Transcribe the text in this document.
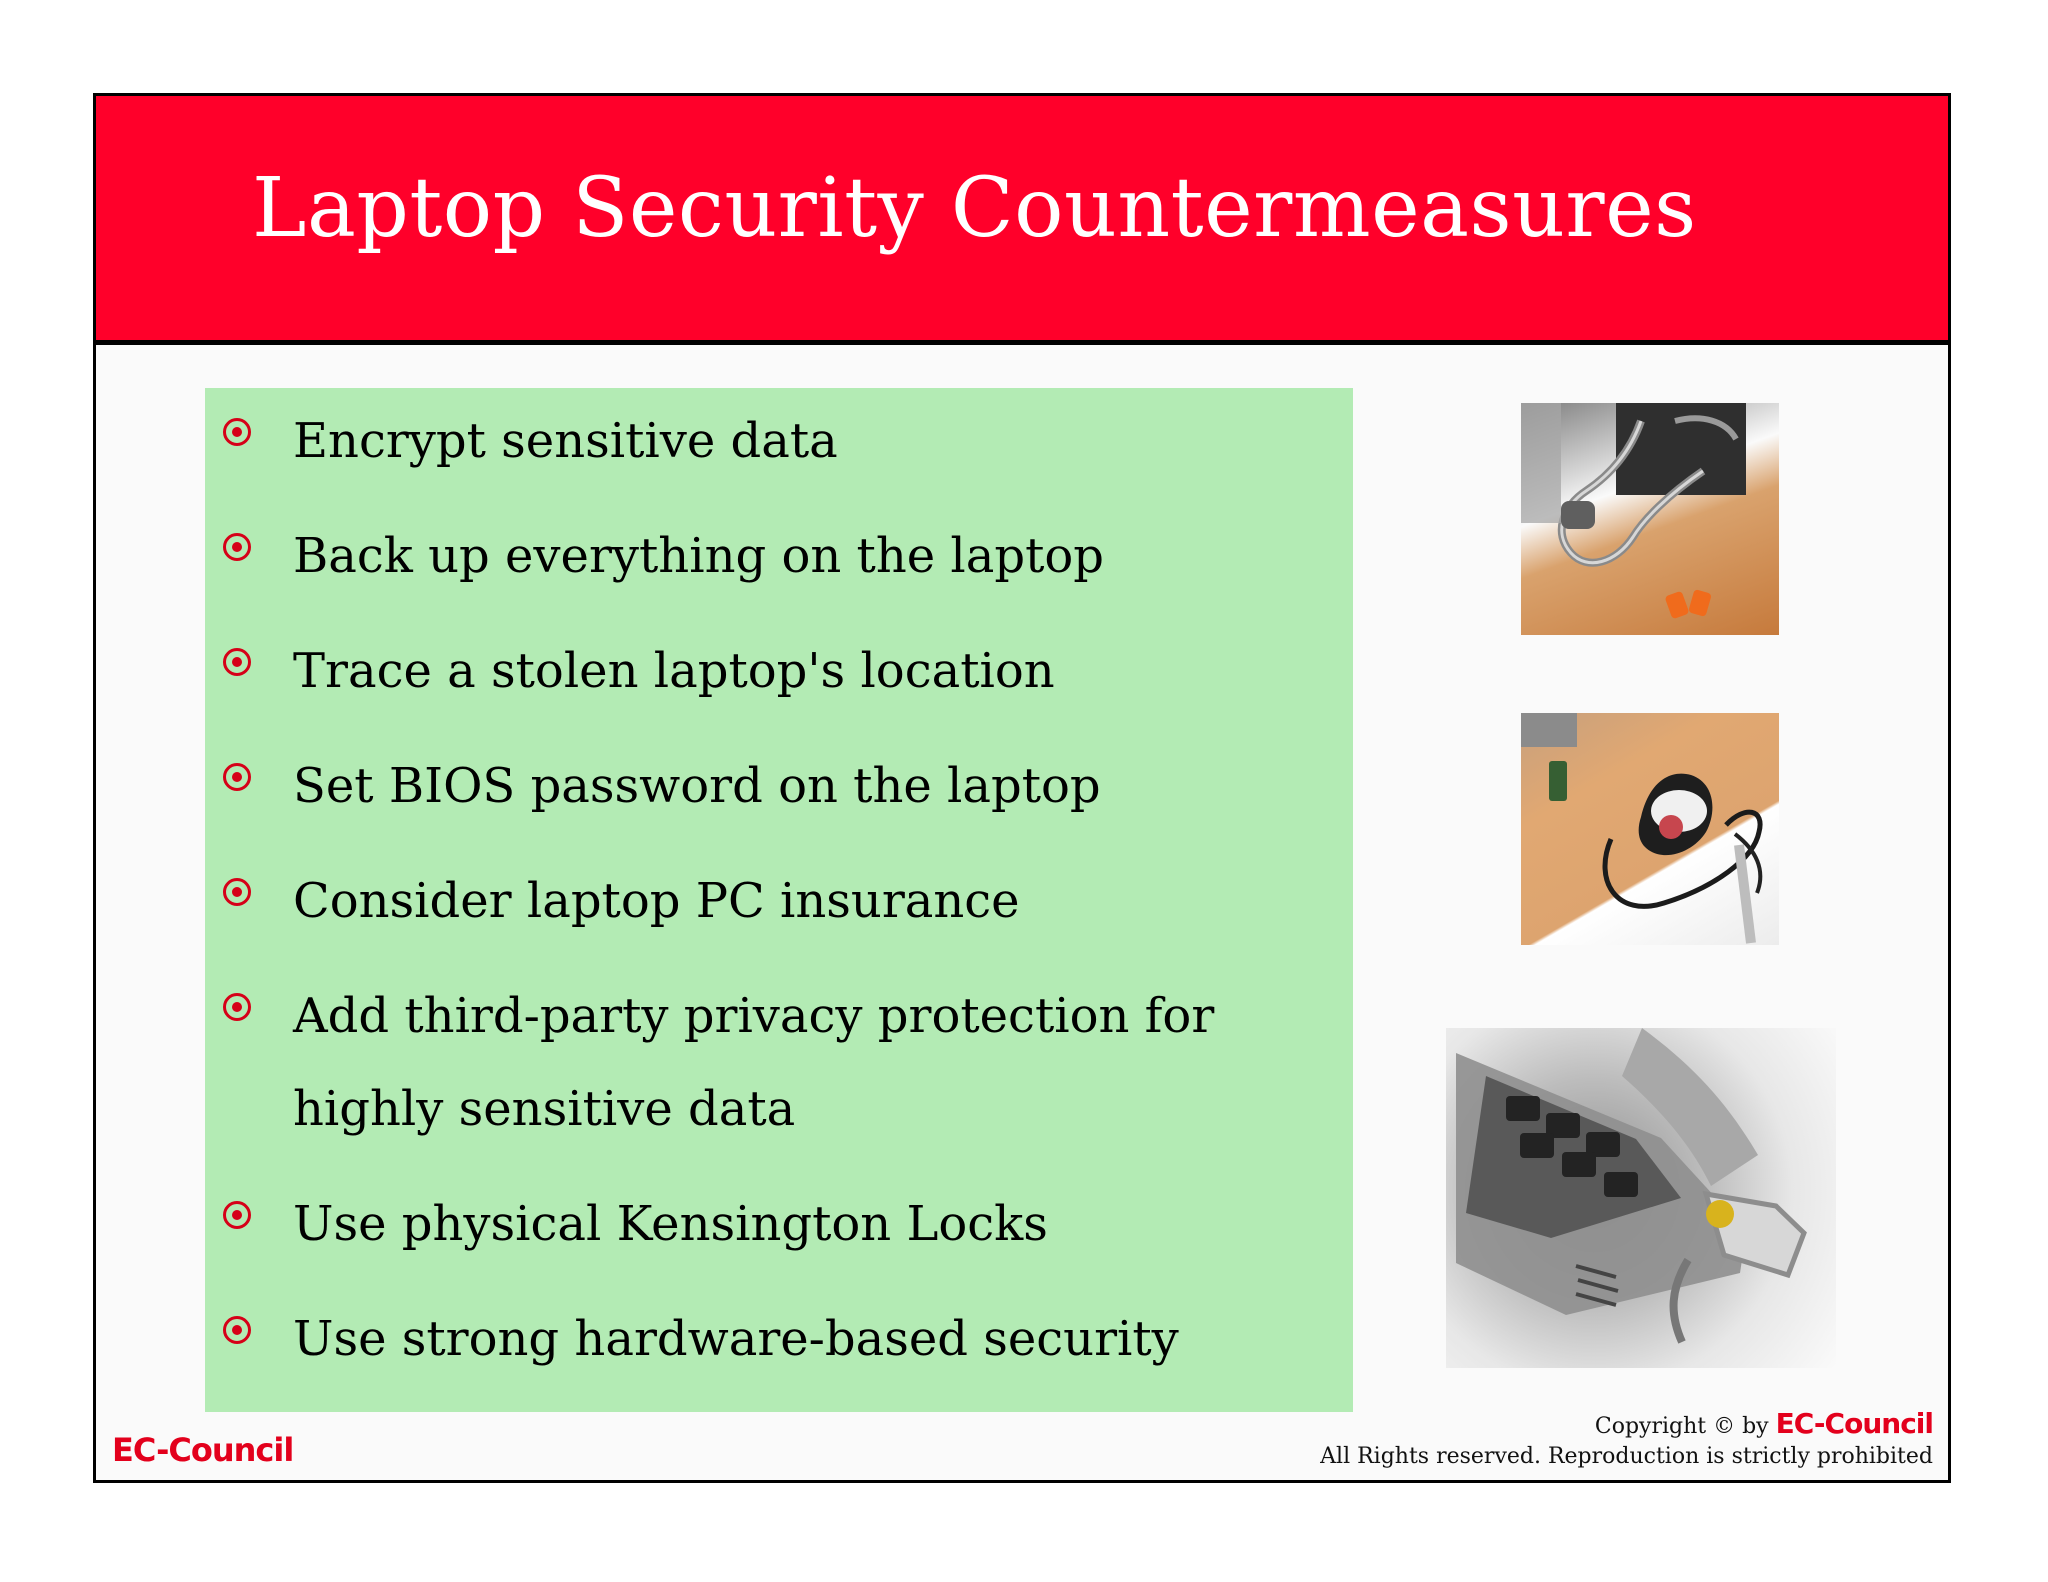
Laptop Security Countermeasures

Encrypt sensitive data

Back up everything on the laptop

Trace a stolen laptop's location

Set BIOS password on the laptop

Consider laptop PC insurance

Add third-party privacy protection for highly sensitive data

Use physical Kensington Locks

Use strong hardware-based security

EC-Council

Copyright © by EC-Council
All Rights reserved. Reproduction is strictly prohibited
